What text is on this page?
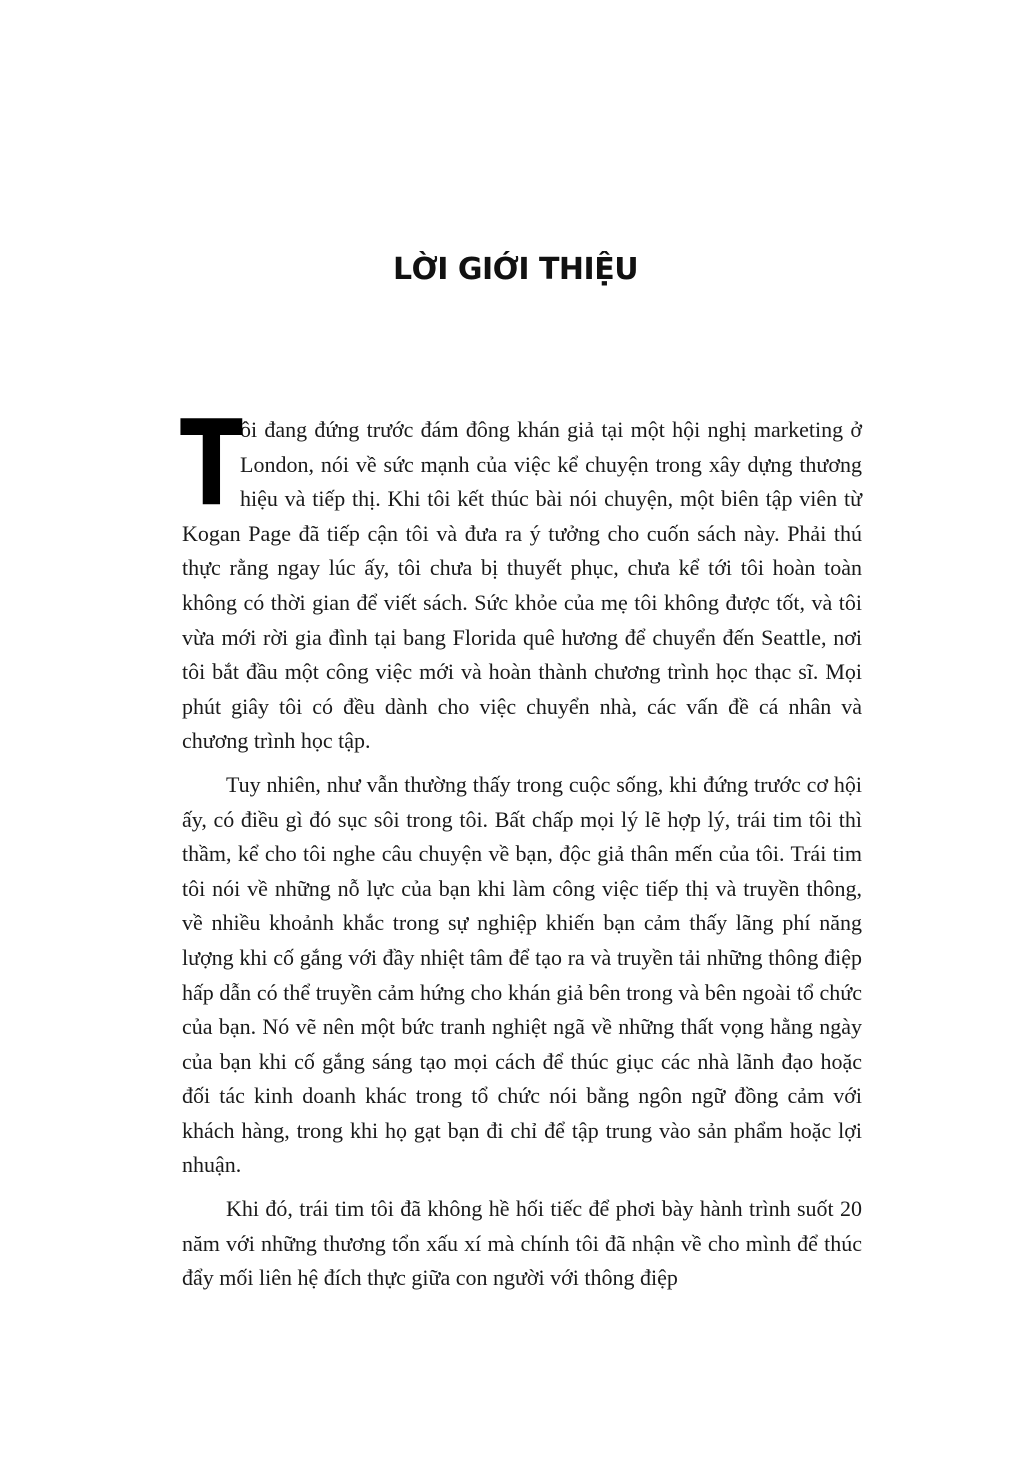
LỜI GIỚI THIỆU

T
ôi đang đứng trước đám đông khán giả tại một hội nghị marketing ở London, nói về sức mạnh của việc kể chuyện trong xây dựng thương hiệu và tiếp thị. Khi tôi kết thúc bài nói chuyện, một biên tập viên từ Kogan Page đã tiếp cận tôi và đưa ra ý tưởng cho cuốn sách này. Phải thú thực rằng ngay lúc ấy, tôi chưa bị thuyết phục, chưa kể tới tôi hoàn toàn không có thời gian để viết sách. Sức khỏe của mẹ tôi không được tốt, và tôi vừa mới rời gia đình tại bang Florida quê hương để chuyển đến Seattle, nơi tôi bắt đầu một công việc mới và hoàn thành chương trình học thạc sĩ. Mọi phút giây tôi có đều dành cho việc chuyển nhà, các vấn đề cá nhân và chương trình học tập.

Tuy nhiên, như vẫn thường thấy trong cuộc sống, khi đứng trước cơ hội ấy, có điều gì đó sục sôi trong tôi. Bất chấp mọi lý lẽ hợp lý, trái tim tôi thì thầm, kể cho tôi nghe câu chuyện về bạn, độc giả thân mến của tôi. Trái tim tôi nói về những nỗ lực của bạn khi làm công việc tiếp thị và truyền thông, về nhiều khoảnh khắc trong sự nghiệp khiến bạn cảm thấy lãng phí năng lượng khi cố gắng với đầy nhiệt tâm để tạo ra và truyền tải những thông điệp hấp dẫn có thể truyền cảm hứng cho khán giả bên trong và bên ngoài tổ chức của bạn. Nó vẽ nên một bức tranh nghiệt ngã về những thất vọng hằng ngày của bạn khi cố gắng sáng tạo mọi cách để thúc giục các nhà lãnh đạo hoặc đối tác kinh doanh khác trong tổ chức nói bằng ngôn ngữ đồng cảm với khách hàng, trong khi họ gạt bạn đi chỉ để tập trung vào sản phẩm hoặc lợi nhuận.

Khi đó, trái tim tôi đã không hề hối tiếc để phơi bày hành trình suốt 20 năm với những thương tổn xấu xí mà chính tôi đã nhận về cho mình để thúc đẩy mối liên hệ đích thực giữa con người với thông điệp
